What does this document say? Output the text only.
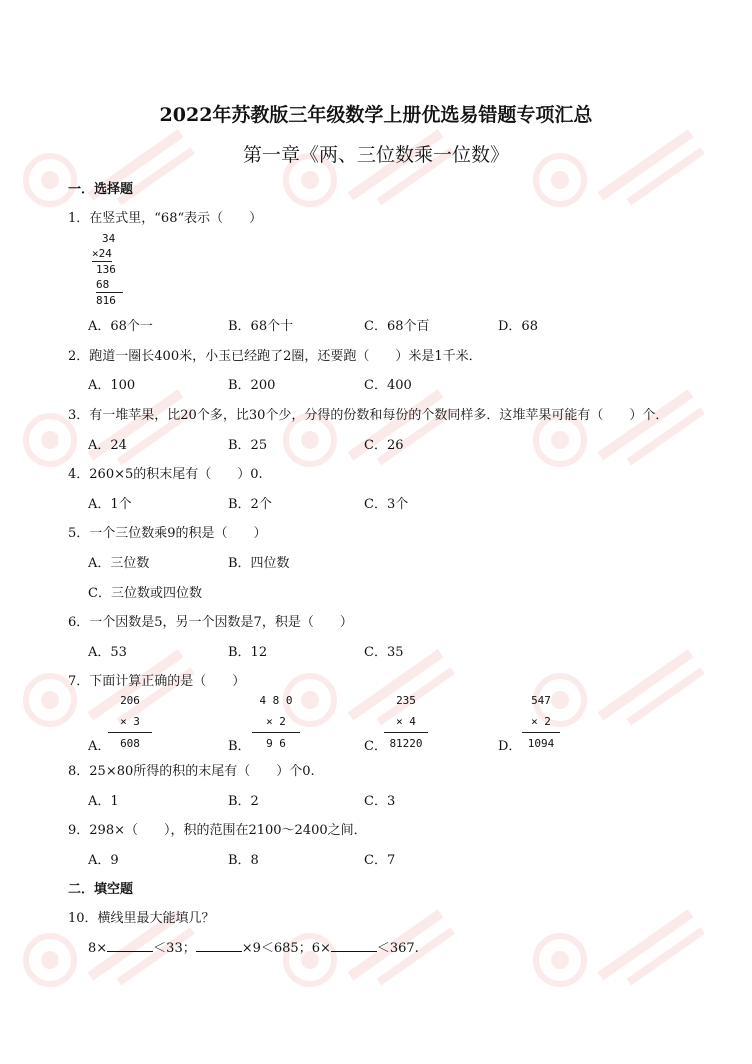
2022年苏教版三年级数学上册优选易错题专项汇总
第一章《两、三位数乘一位数》
一．选择题
1．在竖式里，“68“表示（　　）
34
×24
136
68
816
A．68个一	B．68个十	C．68个百	D．68
2．跑道一圈长400米，小玉已经跑了2圈，还要跑（　　）米是1千米．
A．100	B．200	C．400
3．有一堆苹果，比20个多，比30个少，分得的份数和每份的个数同样多．这堆苹果可能有（　　）个．
A．24	B．25	C．26
4．260×5的积末尾有（　　）0.
A．1个	B．2个	C．3个
5．一个三位数乘9的积是（　　）
A．三位数	B．四位数
C．三位数或四位数
6．一个因数是5，另一个因数是7，积是（　　）
A．53	B．12	C．35
7．下面计算正确的是（　　）
A．
206
× 3
608	B．
4 8 0
× 2
9 6	C．
235
× 4
81220	D．
547
× 2
1094
8．25×80所得的积的末尾有（　　）个0.
A．1	B．2	C．3
9．298×（　　），积的范围在2100～2400之间．
A．9	B．8	C．7
二．填空题
10．横线里最大能填几？
8×	＜33；	×9＜685；6×	＜367.
